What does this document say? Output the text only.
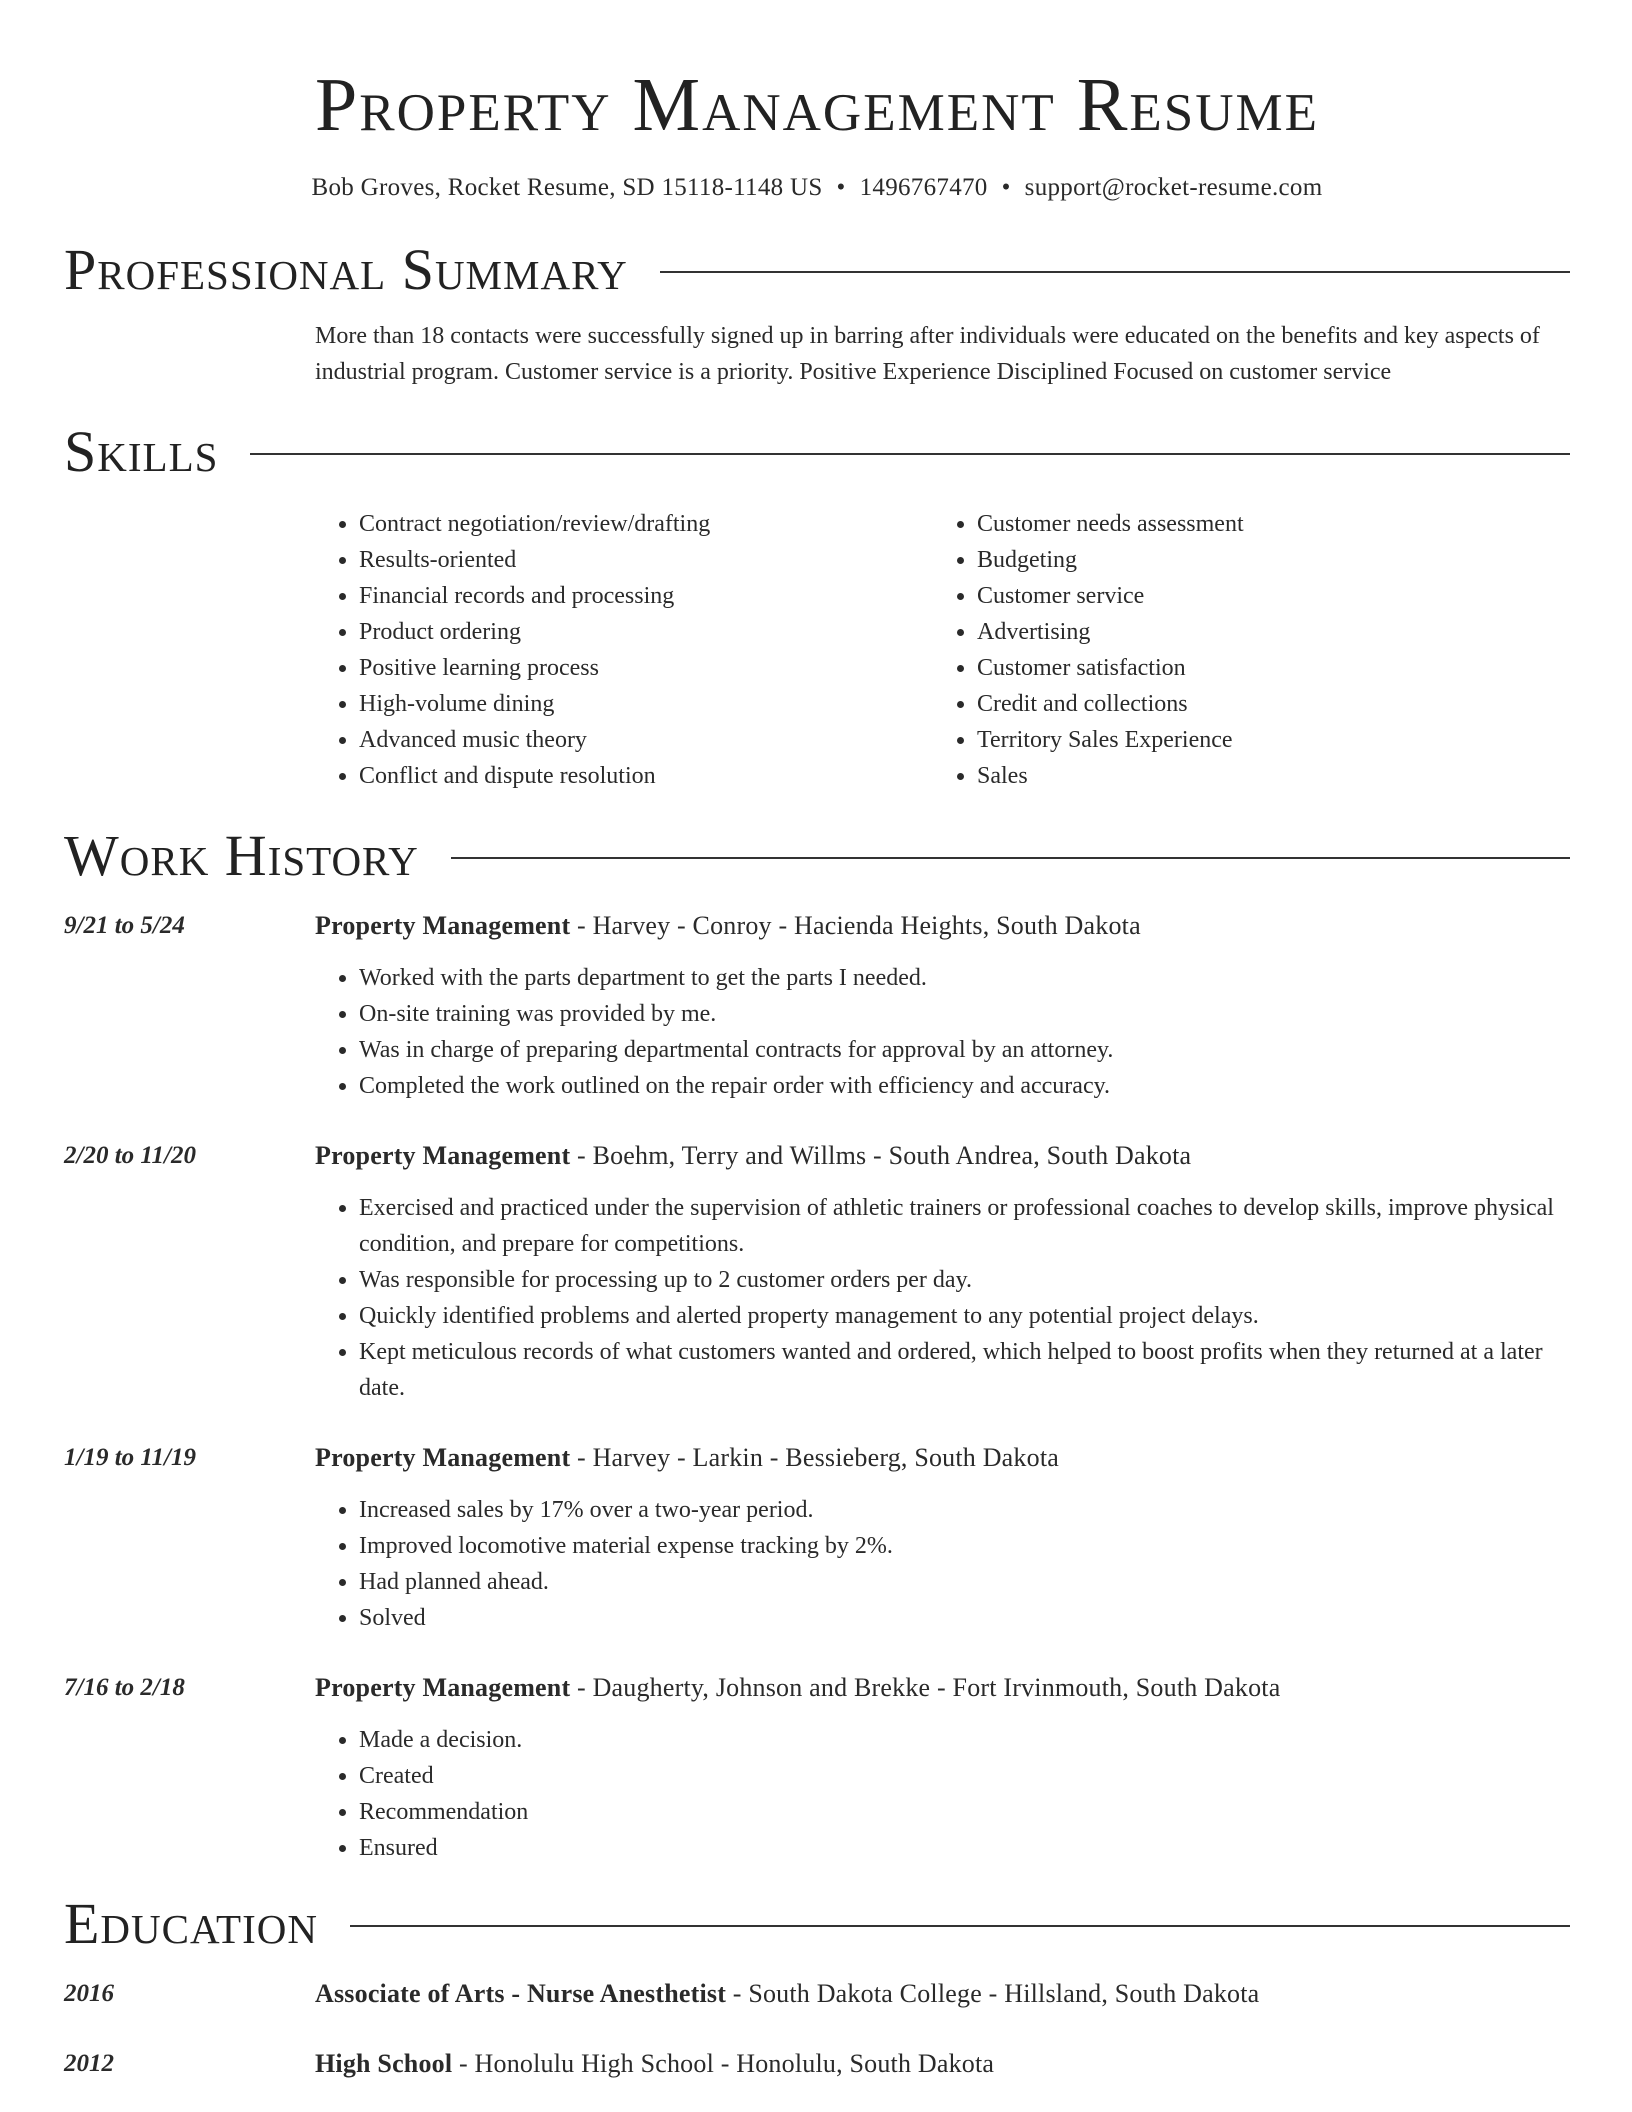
Property Management Resume
Bob Groves, Rocket Resume, SD 15118-1148 US • 1496767470 • support@rocket-resume.com
Professional Summary

More than 18 contacts were successfully signed up in barring after individuals were educated on the benefits and key aspects of industrial program. Customer service is a priority. Positive Experience Disciplined Focused on customer service

Skills
• Contract negotiation/review/drafting
• Results-oriented
• Financial records and processing
• Product ordering
• Positive learning process
• High-volume dining
• Advanced music theory
• Conflict and dispute resolution
• Customer needs assessment
• Budgeting
• Customer service
• Advertising
• Customer satisfaction
• Credit and collections
• Territory Sales Experience
• Sales
Work History
9/21 to 5/24	Property Management - Harvey - Conroy - Hacienda Heights, South Dakota
• Worked with the parts department to get the parts I needed.
• On-site training was provided by me.
• Was in charge of preparing departmental contracts for approval by an attorney.
• Completed the work outlined on the repair order with efficiency and accuracy.
2/20 to 11/20	Property Management - Boehm, Terry and Willms - South Andrea, South Dakota
• Exercised and practiced under the supervision of athletic trainers or professional coaches to develop skills, improve physical condition, and prepare for competitions.
• Was responsible for processing up to 2 customer orders per day.
• Quickly identified problems and alerted property management to any potential project delays.
• Kept meticulous records of what customers wanted and ordered, which helped to boost profits when they returned at a later date.
1/19 to 11/19	Property Management - Harvey - Larkin - Bessieberg, South Dakota
• Increased sales by 17% over a two-year period.
• Improved locomotive material expense tracking by 2%.
• Had planned ahead.
• Solved
7/16 to 2/18	Property Management - Daugherty, Johnson and Brekke - Fort Irvinmouth, South Dakota
• Made a decision.
• Created
• Recommendation
• Ensured
Education
2016	Associate of Arts - Nurse Anesthetist - South Dakota College - Hillsland, South Dakota
2012	High School - Honolulu High School - Honolulu, South Dakota
